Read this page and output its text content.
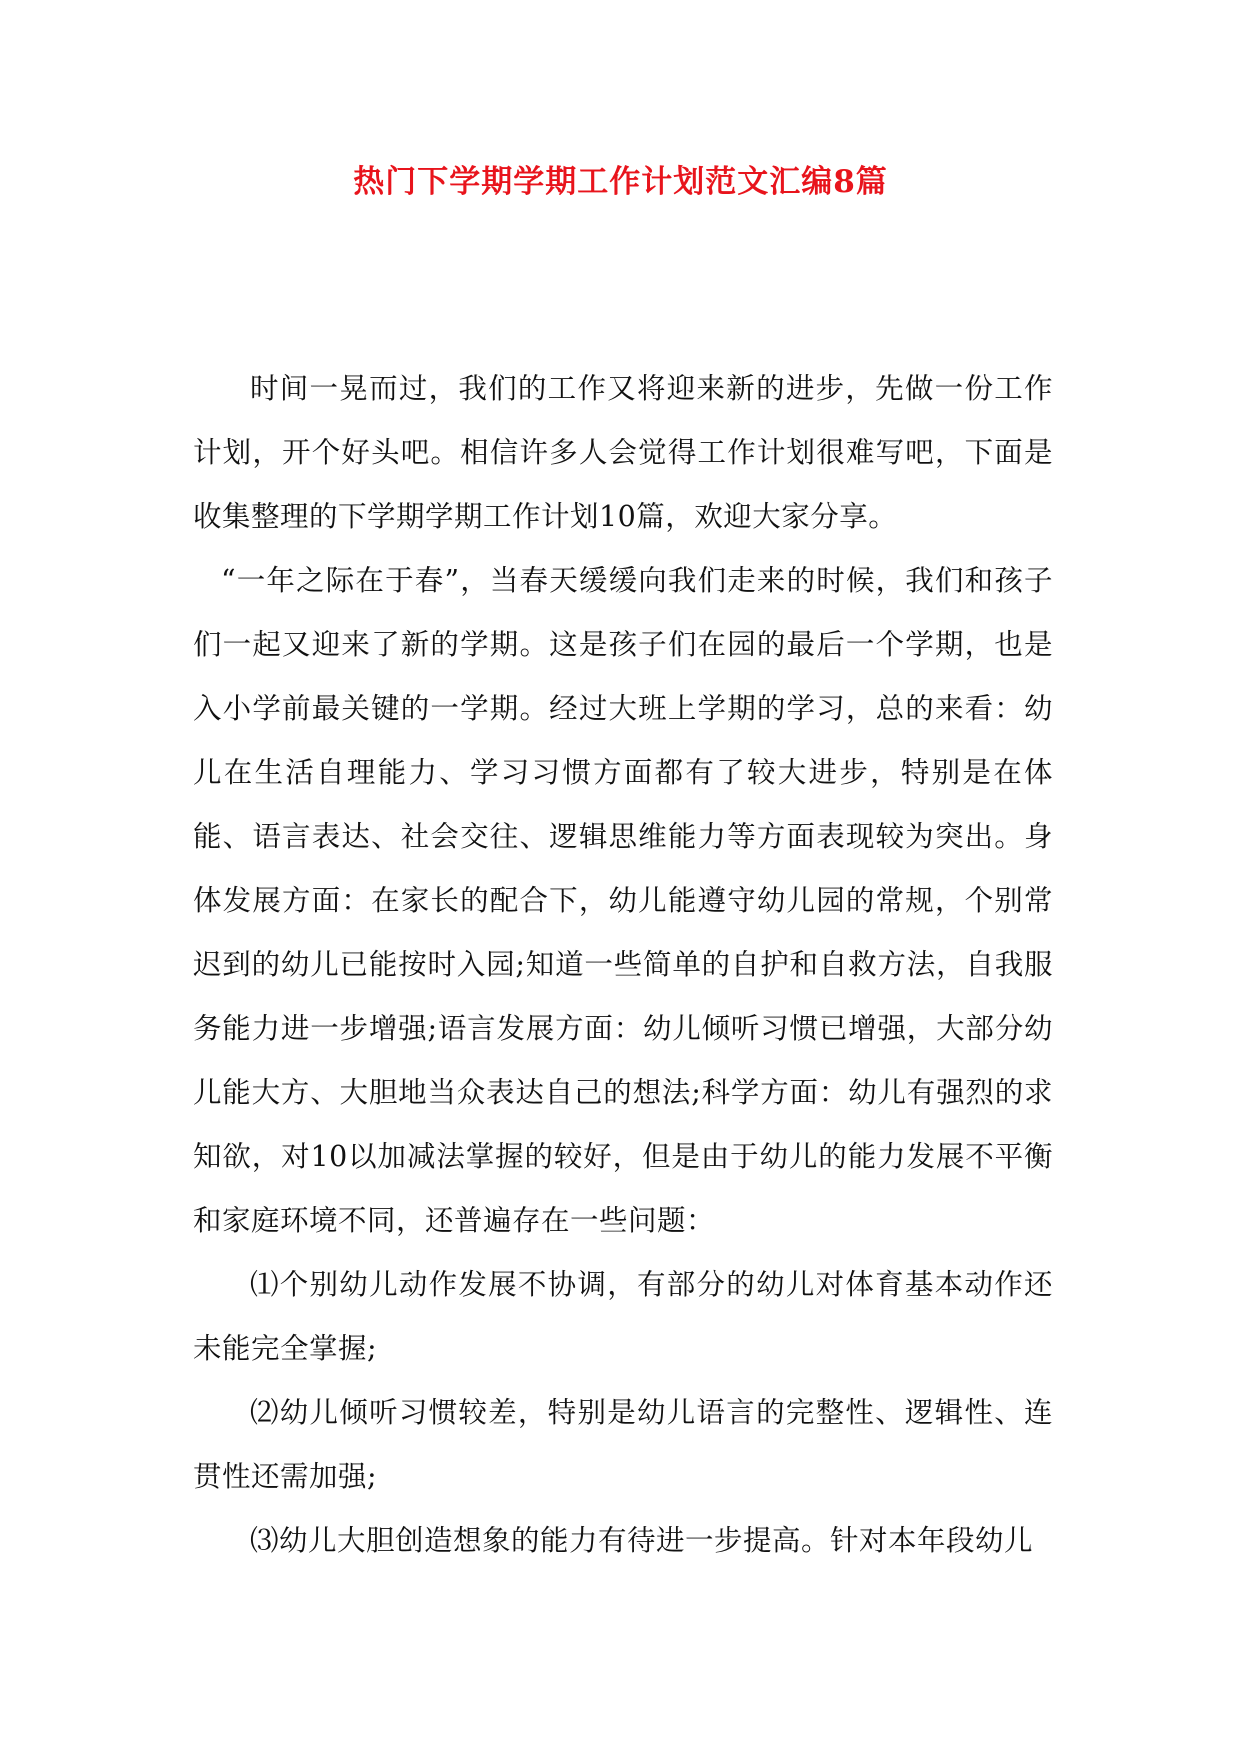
热门下学期学期工作计划范文汇编8篇

时间一晃而过，我们的工作又将迎来新的进步，先做一份工作计划，开个好头吧。相信许多人会觉得工作计划很难写吧，下面是收集整理的下学期学期工作计划10篇，欢迎大家分享。

“一年之际在于春”，当春天缓缓向我们走来的时候，我们和孩子们一起又迎来了新的学期。这是孩子们在园的最后一个学期，也是入小学前最关键的一学期。经过大班上学期的学习，总的来看：幼儿在生活自理能力、学习习惯方面都有了较大进步，特别是在体能、语言表达、社会交往、逻辑思维能力等方面表现较为突出。身体发展方面：在家长的配合下，幼儿能遵守幼儿园的常规，个别常迟到的幼儿已能按时入园;知道一些简单的自护和自救方法，自我服务能力进一步增强;语言发展方面：幼儿倾听习惯已增强，大部分幼儿能大方、大胆地当众表达自己的想法;科学方面：幼儿有强烈的求知欲，对10以加减法掌握的较好，但是由于幼儿的能力发展不平衡和家庭环境不同，还普遍存在一些问题：

⑴个别幼儿动作发展不协调，有部分的幼儿对体育基本动作还未能完全掌握;

⑵幼儿倾听习惯较差，特别是幼儿语言的完整性、逻辑性、连贯性还需加强;

⑶幼儿大胆创造想象的能力有待进一步提高。针对本年段幼儿
